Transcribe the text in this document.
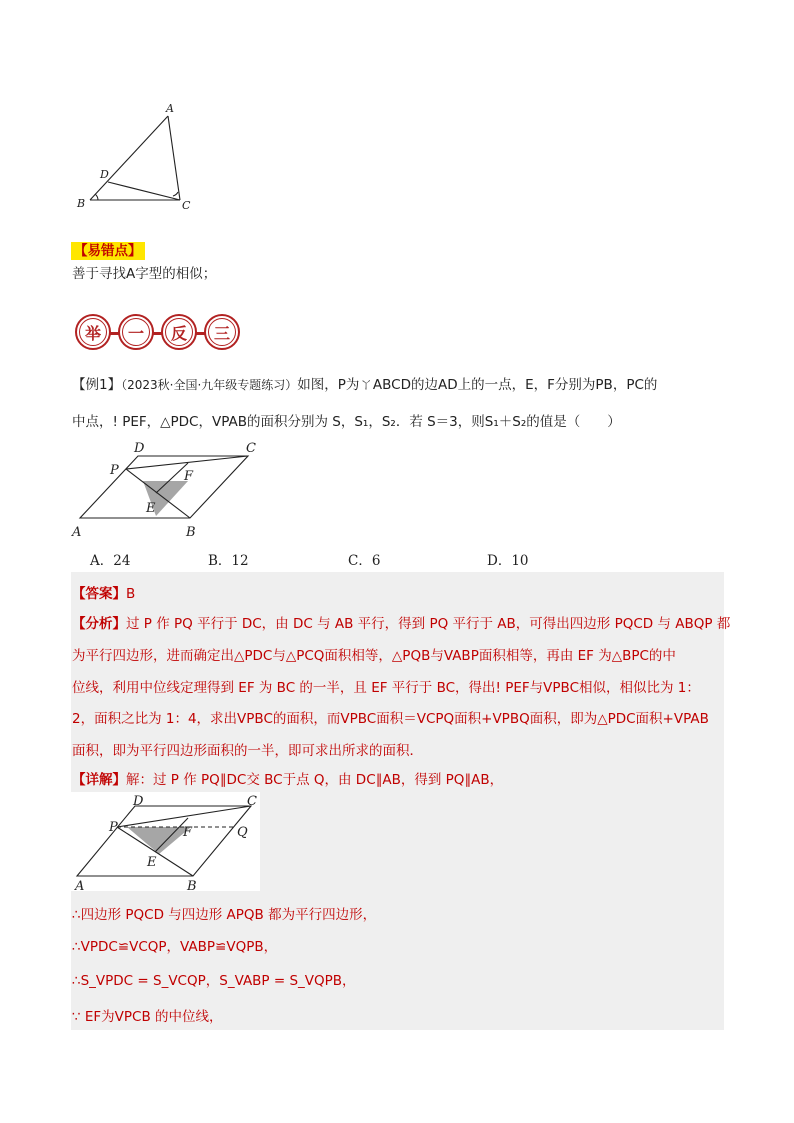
A
B	C
D
【易错点】
善于寻找A字型的相似；
举	一	反	三
【例1】（2023秋·全国·九年级专题练习）如图，P为ㄚABCD的边AD上的一点，E，F分别为PB，PC的
中点，! PEF，△PDC，VPAB的面积分别为 S，S₁，S₂．若 S＝3，则S₁＋S₂的值是（　　）
A	B
C
D
P
E
F
A．24	B．12	C．6	D．10
【答案】B
【分析】过 P 作 PQ 平行于 DC，由 DC 与 AB 平行，得到 PQ 平行于 AB，可得出四边形 PQCD 与 ABQP 都
为平行四边形，进而确定出△PDC与△PCQ面积相等，△PQB与VABP面积相等，再由 EF 为△BPC的中
位线，利用中位线定理得到 EF 为 BC 的一半，且 EF 平行于 BC，得出! PEF与VPBC相似，相似比为 1：
2，面积之比为 1：4，求出VPBC的面积，而VPBC面积＝VCPQ面积+VPBQ面积，即为△PDC面积+VPAB
面积，即为平行四边形面积的一半，即可求出所求的面积．
【详解】解：过 P 作 PQ∥DC交 BC于点 Q，由 DC∥AB，得到 PQ∥AB，
A	B
C
D
P
E
F	Q
∴四边形 PQCD 与四边形 APQB 都为平行四边形，
∴VPDC≌VCQP，VABP≌VQPB，
∴S_VPDC = S_VCQP，S_VABP = S_VQPB，
∵ EF为VPCB 的中位线，
